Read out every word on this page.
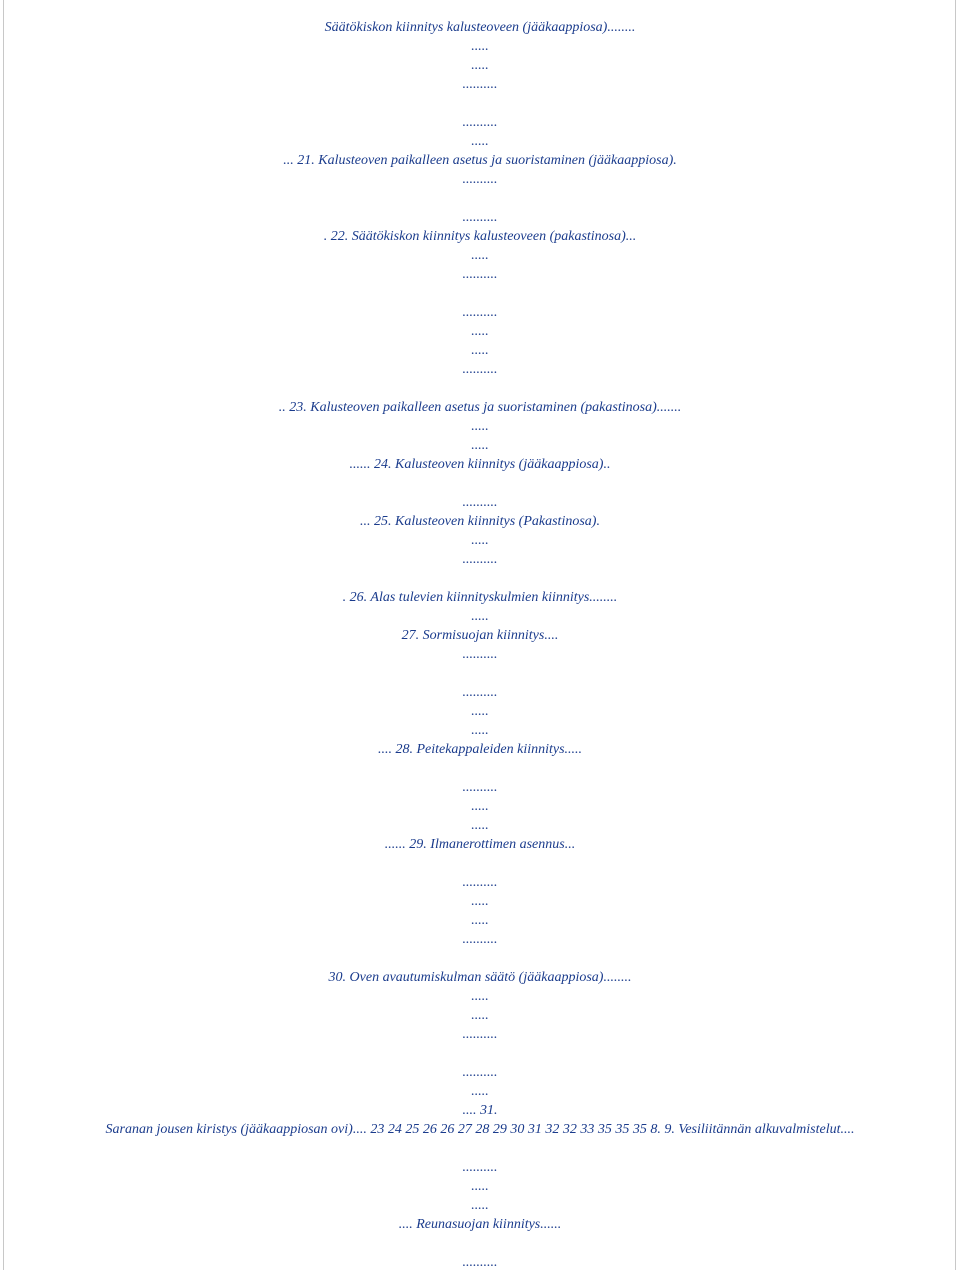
Säätökiskon kiinnitys kalusteoveen (jääkaappiosa)........
.....
.....
..........
..........
.....
... 21. Kalusteoven paikalleen asetus ja suoristaminen (jääkaappiosa).
..........
..........
. 22. Säätökiskon kiinnitys kalusteoveen (pakastinosa)...
.....
..........
..........
.....
.....
..........
.. 23. Kalusteoven paikalleen asetus ja suoristaminen (pakastinosa).......
.....
.....
...... 24. Kalusteoven kiinnitys (jääkaappiosa)..
..........
... 25. Kalusteoven kiinnitys (Pakastinosa).
.....
..........
. 26. Alas tulevien kiinnityskulmien kiinnitys........
.....
27. Sormisuojan kiinnitys....
..........
..........
.....
.....
.... 28. Peitekappaleiden kiinnitys.....
..........
.....
.....
...... 29. Ilmanerottimen asennus...
..........
.....
.....
..........
30. Oven avautumiskulman säätö (jääkaappiosa)........
.....
.....
..........
..........
.....
.... 31.
Saranan jousen kiristys (jääkaappiosan ovi).... 23 24 25 26 26 27 28 29 30 31 32 32 33 35 35 35 8. 9. Vesiliitännän alkuvalmistelut....
..........
.....
.....
.... Reunasuojan kiinnitys......
..........
